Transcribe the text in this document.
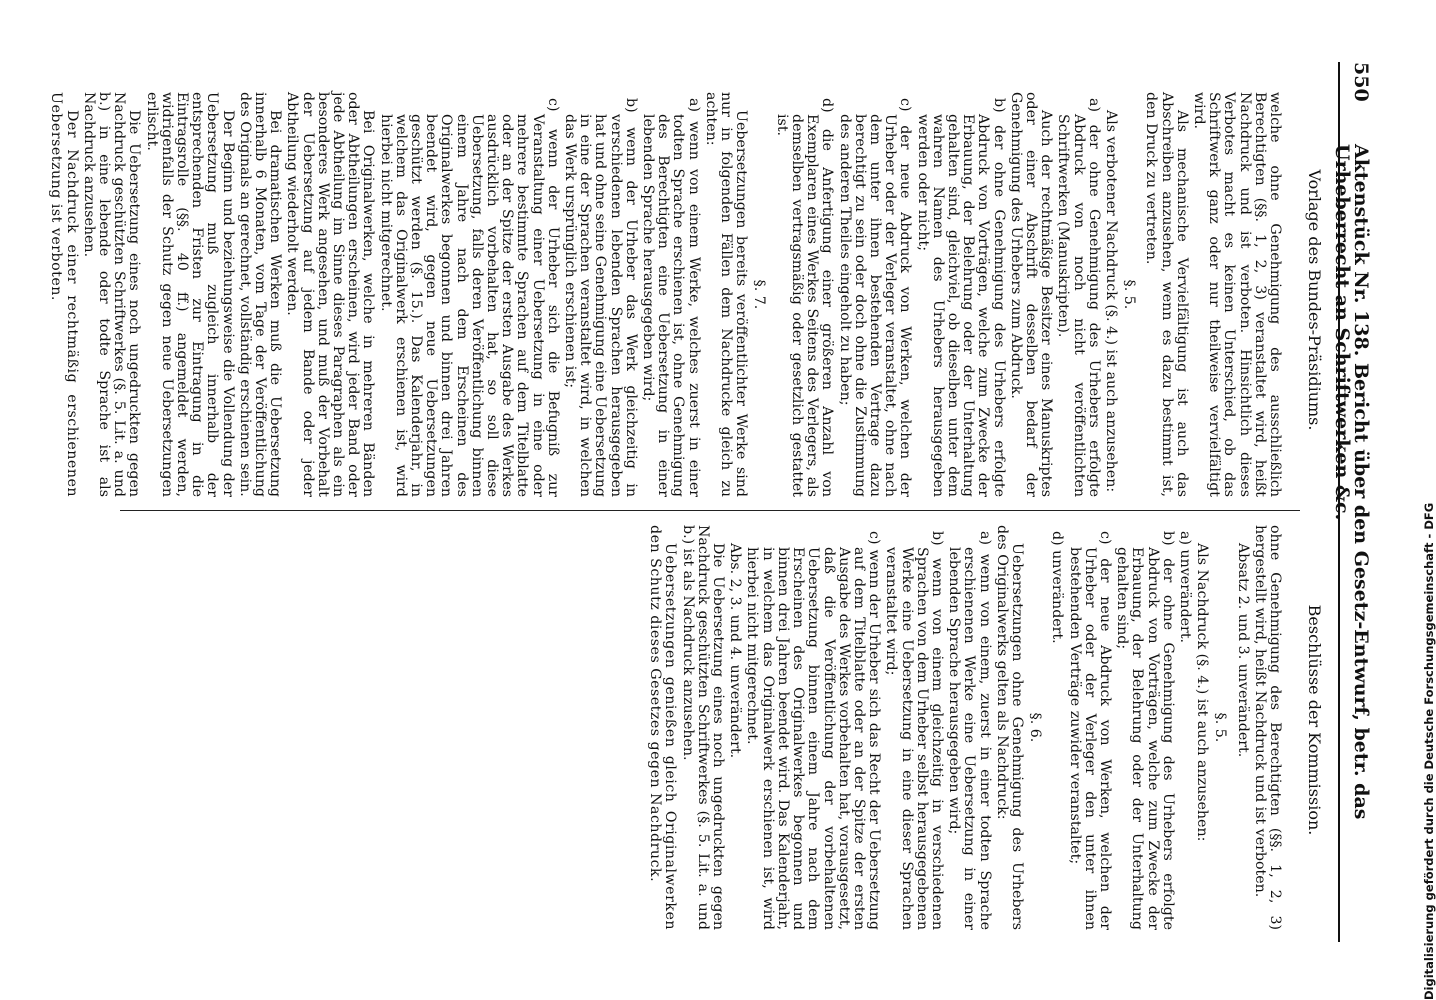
550
Aktenstück Nr. 138. Bericht über den Gesetz-Entwurf, betr. das Urheberrecht an Schriftwerken &c.
Vorlage des Bundes-Präsidiums.
Beschlüsse der Kommission.

welche ohne Genehmigung des ausschließlich Berechtigten (§§. 1, 2, 3) veranstaltet wird, heißt Nachdruck und ist verboten. Hinsichtlich dieses Verbotes macht es keinen Unterschied, ob das Schriftwerk ganz oder nur theilweise vervielfältigt wird.

Als mechanische Vervielfältigung ist auch das Abschreiben anzusehen, wenn es dazu bestimmt ist, den Druck zu vertreten.

§. 5.

Als verbotener Nachdruck (§. 4.) ist auch anzusehen:

a) der ohne Genehmigung des Urhebers erfolgte Abdruck von noch nicht veröffentlichten Schriftwerken (Manuskripten).

Auch der rechtmäßige Besitzer eines Manuskriptes oder einer Abschrift desselben bedarf der Genehmigung des Urhebers zum Abdruck.

b) der ohne Genehmigung des Urhebers erfolgte Abdruck von Vorträgen, welche zum Zwecke der Erbauung, der Belehrung oder der Unterhaltung gehalten sind, gleichviel, ob dieselben unter dem wahren Namen des Urhebers herausgegeben werden oder nicht;

c) der neue Abdruck von Werken, welchen der Urheber oder der Verleger veranstaltet, ohne nach dem unter ihnen bestehenden Vertrage dazu berechtigt zu sein oder doch ohne die Zustimmung des anderen Theiles eingeholt zu haben;

d) die Anfertigung einer größeren Anzahl von Exemplaren eines Werkes Seitens des Verlegers, als demselben vertragsmäßig oder gesetzlich gestattet ist.

§. 7.

Uebersetzungen bereits veröffentlichter Werke sind nur in folgenden Fällen dem Nachdrucke gleich zu achten:

a) wenn von einem Werke, welches zuerst in einer todten Sprache erschienen ist, ohne Genehmigung des Berechtigten eine Uebersetzung in einer lebenden Sprache herausgegeben wird;

b) wenn der Urheber das Werk gleichzeitig in verschiedenen lebenden Sprachen herausgegeben hat und ohne seine Genehmigung eine Uebersetzung in eine der Sprachen veranstaltet wird, in welchen das Werk ursprünglich erschienen ist;

c) wenn der Urheber sich die Befugniß zur Veranstaltung einer Uebersetzung in eine oder mehrere bestimmte Sprachen auf dem Titelblatte oder an der Spitze der ersten Ausgabe des Werkes ausdrücklich vorbehalten hat, so soll diese Uebersetzung, falls deren Veröffentlichung binnen einem Jahre nach dem Erscheinen des Originalwerkes begonnen und binnen drei Jahren beendet wird, gegen neue Uebersetzungen geschützt werden (§. 15.). Das Kalenderjahr, in welchem das Originalwerk erschienen ist, wird hierbei nicht mitgerechnet.

Bei Originalwerken, welche in mehreren Bänden oder Abtheilungen erscheinen, wird jeder Band oder jede Abtheilung im Sinne dieses Paragraphen als ein besonderes Werk angesehen, und muß der Vorbehalt der Uebersetzung auf jedem Bande oder jeder Abtheilung wiederholt werden.

Bei dramatischen Werken muß die Uebersetzung innerhalb 6 Monaten, vom Tage der Veröffentlichung des Originals an gerechnet, vollständig erschienen sein.

Der Beginn und beziehungsweise die Vollendung der Uebersetzung muß zugleich innerhalb der entsprechenden Fristen zur Eintragung in die Eintragsrolle (§§. 40 ff.) angemeldet werden, widrigenfalls der Schutz gegen neue Uebersetzungen erlischt.

Die Uebersetzung eines noch ungedruckten gegen Nachdruck geschützten Schriftwerkes (§. 5. Lit. a. und b.) in eine lebende oder todte Sprache ist als Nachdruck anzusehen.

Der Nachdruck einer rechtmäßig erschienenen Uebersetzung ist verboten.

ohne Genehmigung des Berechtigten (§§. 1, 2, 3) hergestellt wird, heißt Nachdruck und ist verboten.

Absatz 2. und 3. unverändert.

§. 5.

Als Nachdruck (§. 4.) ist auch anzusehen:

a) unverändert.

b) der ohne Genehmigung des Urhebers erfolgte Abdruck von Vorträgen, welche zum Zwecke der Erbauung, der Belehrung oder der Unterhaltung gehalten sind;

c) der neue Abdruck von Werken, welchen der Urheber oder der Verleger den unter ihnen bestehenden Verträge zuwider veranstaltet;

d) unverändert.

§. 6.

Uebersetzungen ohne Genehmigung des Urhebers des Originalwerks gelten als Nachdruck:

a) wenn von einem, zuerst in einer todten Sprache erschienenen Werke eine Uebersetzung in einer lebenden Sprache herausgegeben wird;

b) wenn von einem gleichzeitig in verschiedenen Sprachen von dem Urheber selbst herausgegebenen Werke eine Uebersetzung in eine dieser Sprachen veranstaltet wird;

c) wenn der Urheber sich das Recht der Uebersetzung auf dem Titelblatte oder an der Spitze der ersten Ausgabe des Werkes vorbehalten hat, vorausgesetzt, daß die Veröffentlichung der vorbehaltenen Uebersetzung binnen einem Jahre nach dem Erscheinen des Originalwerkes begonnen und binnen drei Jahren beendet wird. Das Kalenderjahr, in welchem das Originalwerk erschienen ist, wird hierbei nicht mitgerechnet.

Abs. 2, 3. und 4. unverändert.

Die Uebersetzung eines noch ungedruckten gegen Nachdruck geschützten Schriftwerkes (§. 5. Lit. a. und b.) ist als Nachdruck anzusehen.

Uebersetzungen genießen gleich Originalwerken den Schutz dieses Gesetzes gegen Nachdruck.	Digitalisierung gefördert durch die Deutsche Forschungsgemeinschaft - DFG
